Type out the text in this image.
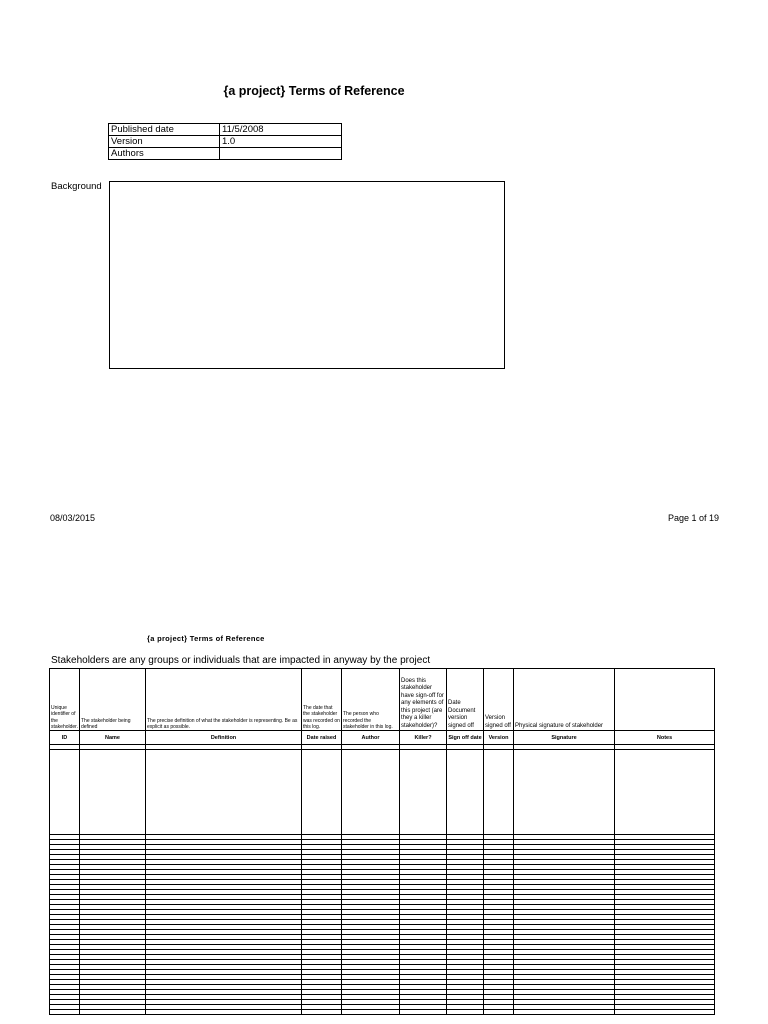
{a project} Terms of Reference
Published date	11/5/2008
Version	1.0
Authors	
Background
08/03/2015	Page 1 of 19
{a project} Terms of Reference
Stakeholders are any groups or individuals that are impacted in anyway by the project
Unique identifier of the stakeholder.	The stakeholder being defined	The precise definition of what the stakeholder is representing. Be as explicit as possible.	The date that the stakeholder was recorded on this log.	The person who recorded the stakeholder in this log.	Does this stakeholder have sign-off for any elements of this project (are they a killer stakeholder)?	Date Document version signed off	Version signed off	Physical signature of stakeholder	
ID	Name	Definition	Date raised	Author	Killer?	Sign off date	Version	Signature	Notes
